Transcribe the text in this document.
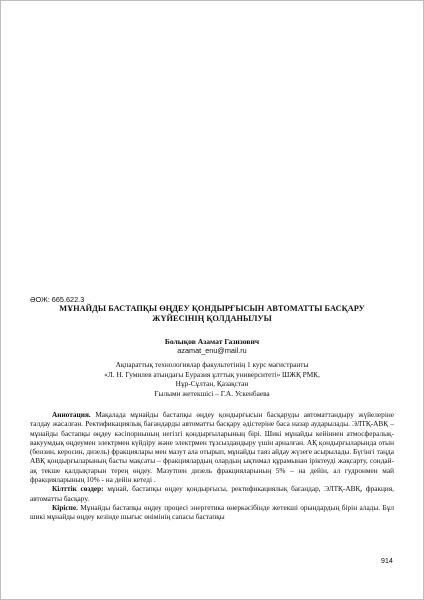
ӘОЖ: 665.622.3

МҰНАЙДЫ БАСТАПҚЫ ӨҢДЕУ ҚОНДЫРҒЫСЫН АВТОМАТТЫ БАСҚАРУ

ЖҮЙЕСІНІҢ ҚОЛДАНЫЛУЫ

Болықов Азамат Газизович

azamat_enu@mail.ru

Ақпараттық технологиялар факультетінің 1 курс магистранты

«Л. Н. Гумилев атындағы Еуразия ұлттық университеті» ШЖҚ РМК,

Нұр-Сұлтан, Қазақстан

Ғылыми жетекшісі – Г.А. Ускенбаева

Аннотация. Мақалада мұнайды бастапқы өңдеу қондырғысын басқаруды автоматтандыру жүйелеріне талдау жасалған. Ректификациялық бағандарды автоматты басқару әдістеріне баса назар аударылады. ЭЛТҚ-АВҚ – мұнайды бастапқы өңдеу кәсіпорнының негізгі қондырғыларының бірі. Шикі мұнайды кейіннен атмосфералық-вакуумдық өңдеумен электрмен күйдіру және электрмен тұзсыздандыру үшін арналған. АҚ қондырғыларында отын (бензин, керосин, дизель) фракциялары мен мазут ала отырып, мұнайды таяз айдау жүзеге асырылады. Бүгінгі таңда АВҚ қондырғыларының басты мақсаты – фракциялардың олардың ықтимал құрамынан іріктеуді жақсарту, сондай-ақ текше қалдықтарын терең өңдеу. Мазутпен дизель фракцияларының 5% – на дейін, ал гудронмен май фракцияларының 10% - на дейін кетеді .

Кілттік сөздер: мұнай, бастапқы өңдеу қондырғысы, ректификациялық бағандар, ЭЛТҚ-АВҚ, фракция, автоматты басқару.

Кіріспе. Мұнайды бастапқы өңдеу процесі энергетика өнеркәсібінде жетекші орындардың бірін алады. Бұл шикі мұнайды өңдеу кезінде шығыс өнімінің сапасы бастапқы

914
